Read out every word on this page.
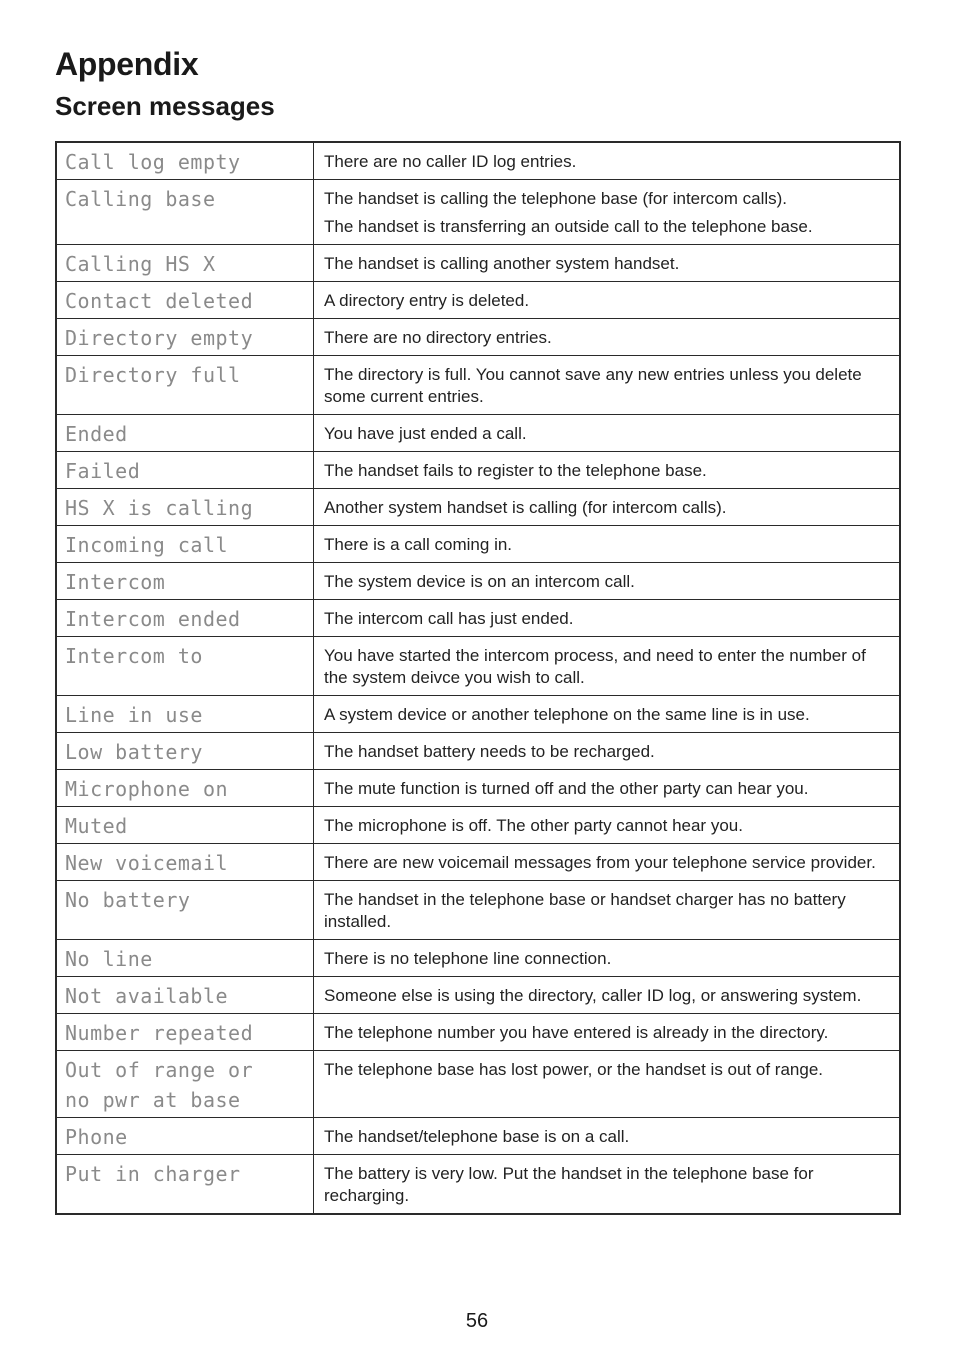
Appendix
Screen messages
Call log empty	There are no caller ID log entries.

Calling base	The handset is calling the telephone base (for intercom calls).
The handset is transferring an outside call to the telephone base.

Calling HS X	The handset is calling another system handset.

Contact deleted	A directory entry is deleted.

Directory empty	There are no directory entries.

Directory full	The directory is full. You cannot save any new entries unless you delete some current entries.

Ended	You have just ended a call.

Failed	The handset fails to register to the telephone base.

HS X is calling	Another system handset is calling (for intercom calls).

Incoming call	There is a call coming in.

Intercom	The system device is on an intercom call.

Intercom ended	The intercom call has just ended.

Intercom to	You have started the intercom process, and need to enter the number of the system deivce you wish to call.

Line in use	A system device or another telephone on the same line is in use.

Low battery	The handset battery needs to be recharged.

Microphone on	The mute function is turned off and the other party can hear you.

Muted	The microphone is off. The other party cannot hear you.

New voicemail	There are new voicemail messages from your telephone service provider.

No battery	The handset in the telephone base or handset charger has no battery installed.

No line	There is no telephone line connection.

Not available	Someone else is using the directory, caller ID log, or answering system.

Number repeated	The telephone number you have entered is already in the directory.

Out of range or
no pwr at base	The telephone base has lost power, or the handset is out of range.

Phone	The handset/telephone base is on a call.

Put in charger	The battery is very low. Put the handset in the telephone base for recharging.
56
